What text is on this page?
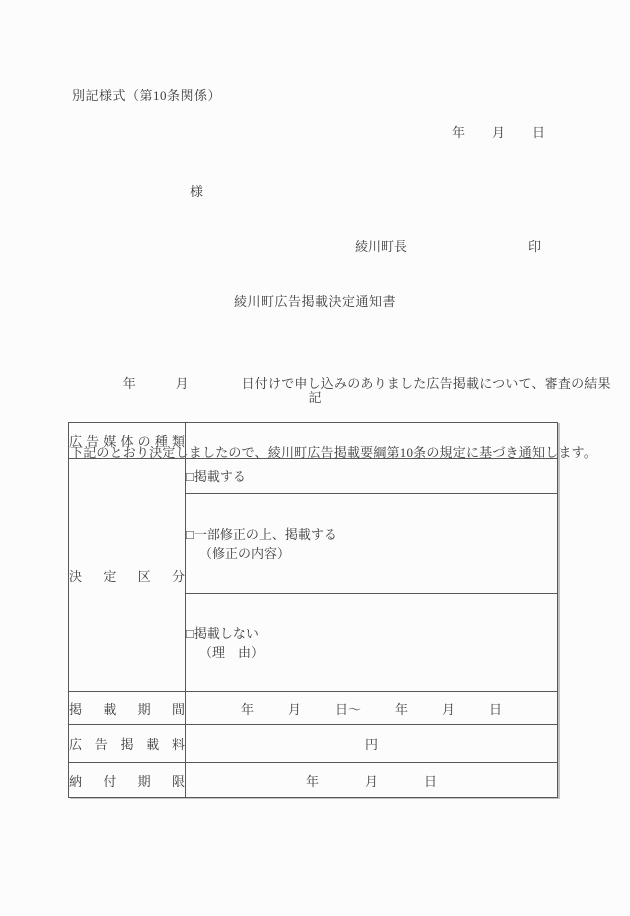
別記様式（第10条関係）
年 月 日
様
綾川町長	印
綾川町広告掲載決定通知書

　　　　年　　　月　　　　日付けで申し込みのありました広告掲載について、審査の結果

下記のとおり決定しましたので、綾川町広告掲載要綱第10条の規定に基づき通知します。

記
広 告 媒 体 の 種 類	
決 定 区 分	□掲載する
	□一部修正の上、掲載する
（修正の内容）

	□掲載しない
（理　由）

掲 載 期 間	年	月	日～	年	月	日

広 告 掲 載 料	円
納 付 期 限	年 月 日
